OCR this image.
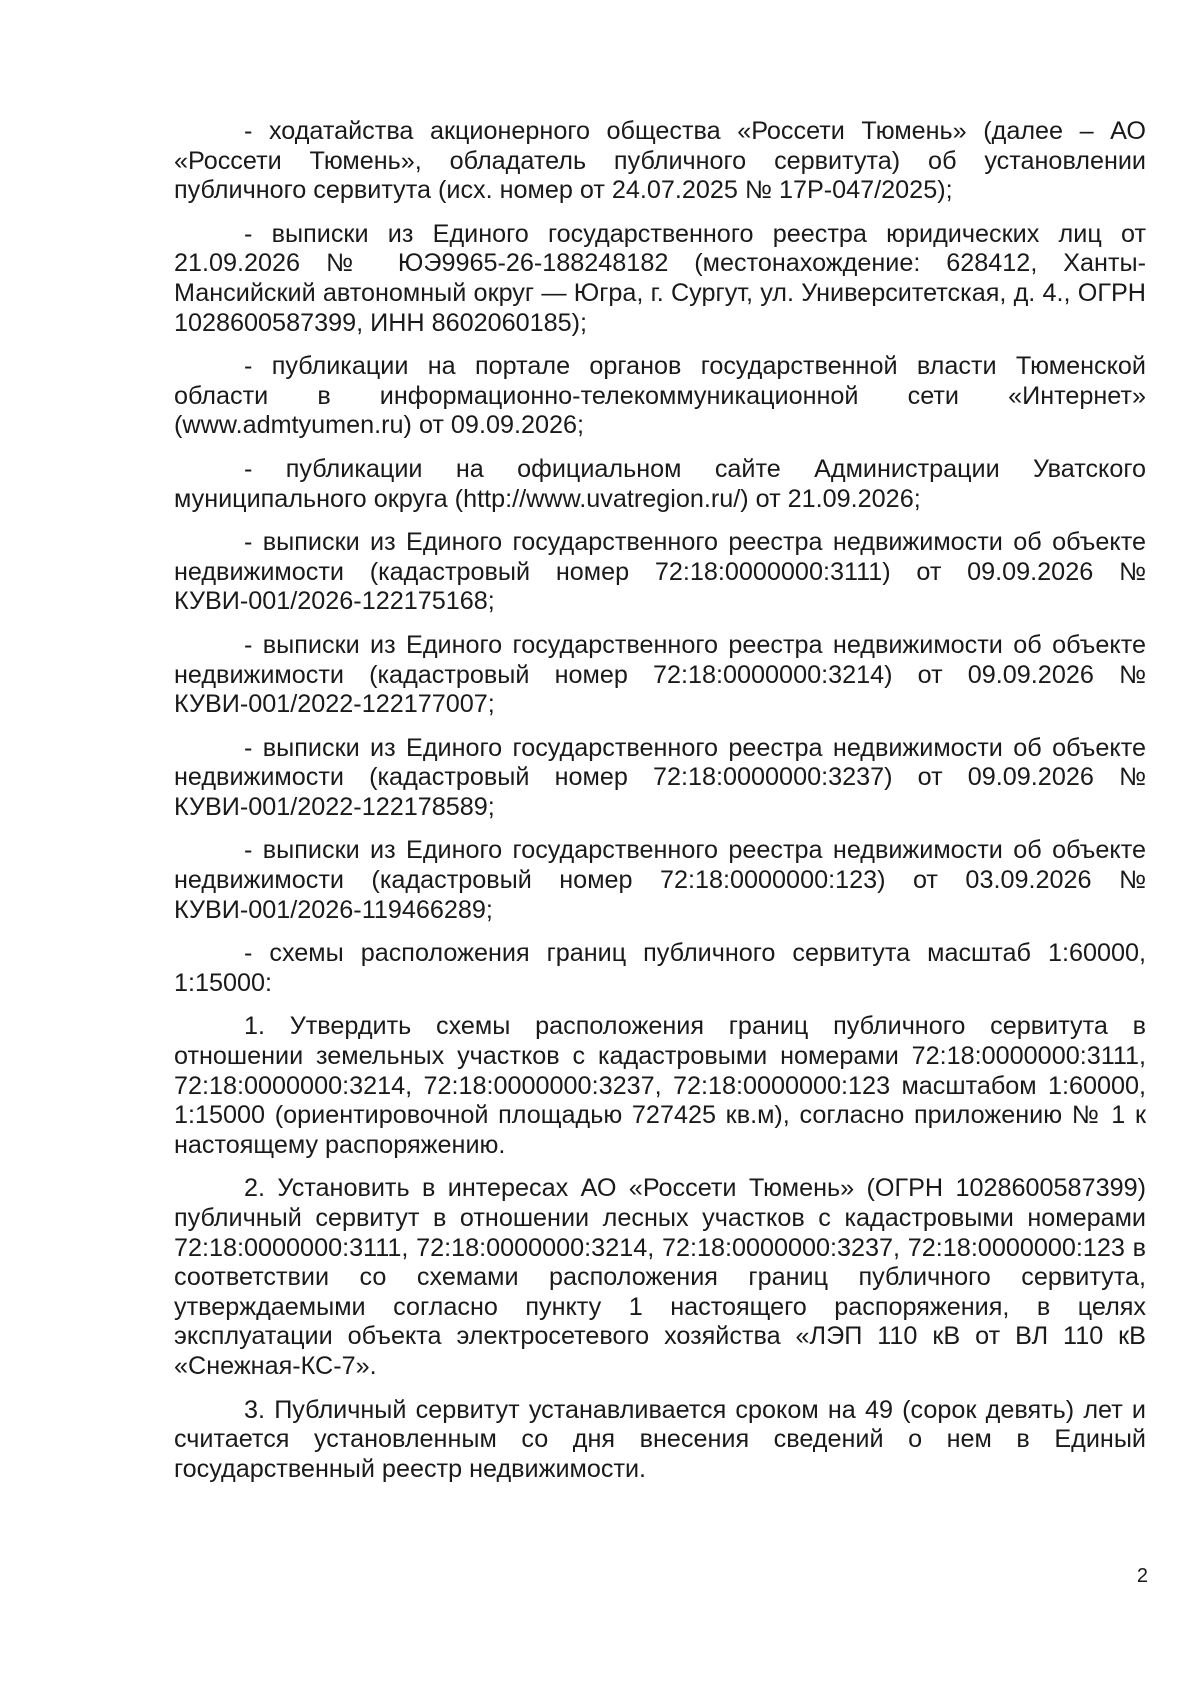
- ходатайства акционерного общества «Россети Тюмень» (далее – АО «Россети Тюмень», обладатель публичного сервитута) об установлении публичного сервитута (исх. номер от 24.07.2025 № 17Р-047/2025);

- выписки из Единого государственного реестра юридических лиц от 21.09.2026 № ЮЭ9965-26-188248182 (местонахождение: 628412, Ханты-Мансийский автономный округ — Югра, г. Сургут, ул. Университетская, д. 4., ОГРН 1028600587399, ИНН 8602060185);

- публикации на портале органов государственной власти Тюменской области в информационно-телекоммуникационной сети «Интернет» (www.admtyumen.ru) от 09.09.2026;

- публикации на официальном сайте Администрации Уватского муниципального округа (http://www.uvatregion.ru/) от 21.09.2026;

- выписки из Единого государственного реестра недвижимости об объекте недвижимости (кадастровый номер 72:18:0000000:3111) от 09.09.2026 № КУВИ-001/2026-122175168;

- выписки из Единого государственного реестра недвижимости об объекте недвижимости (кадастровый номер 72:18:0000000:3214) от 09.09.2026 № КУВИ-001/2022-122177007;

- выписки из Единого государственного реестра недвижимости об объекте недвижимости (кадастровый номер 72:18:0000000:3237) от 09.09.2026 № КУВИ-001/2022-122178589;

- выписки из Единого государственного реестра недвижимости об объекте недвижимости (кадастровый номер 72:18:0000000:123) от 03.09.2026 № КУВИ-001/2026-119466289;

- схемы расположения границ публичного сервитута масштаб 1:60000, 1:15000:

1. Утвердить схемы расположения границ публичного сервитута в отношении земельных участков с кадастровыми номерами 72:18:0000000:3111, 72:18:0000000:3214, 72:18:0000000:3237, 72:18:0000000:123 масштабом 1:60000, 1:15000 (ориентировочной площадью 727425 кв.м), согласно приложению № 1 к настоящему распоряжению.

2. Установить в интересах АО «Россети Тюмень» (ОГРН 1028600587399) публичный сервитут в отношении лесных участков с кадастровыми номерами 72:18:0000000:3111, 72:18:0000000:3214, 72:18:0000000:3237, 72:18:0000000:123 в соответствии со схемами расположения границ публичного сервитута, утверждаемыми согласно пункту 1 настоящего распоряжения, в целях эксплуатации объекта электросетевого хозяйства «ЛЭП 110 кВ от ВЛ 110 кВ «Снежная-КС-7».

3. Публичный сервитут устанавливается сроком на 49 (сорок девять) лет и считается установленным со дня внесения сведений о нем в Единый государственный реестр недвижимости.

2
